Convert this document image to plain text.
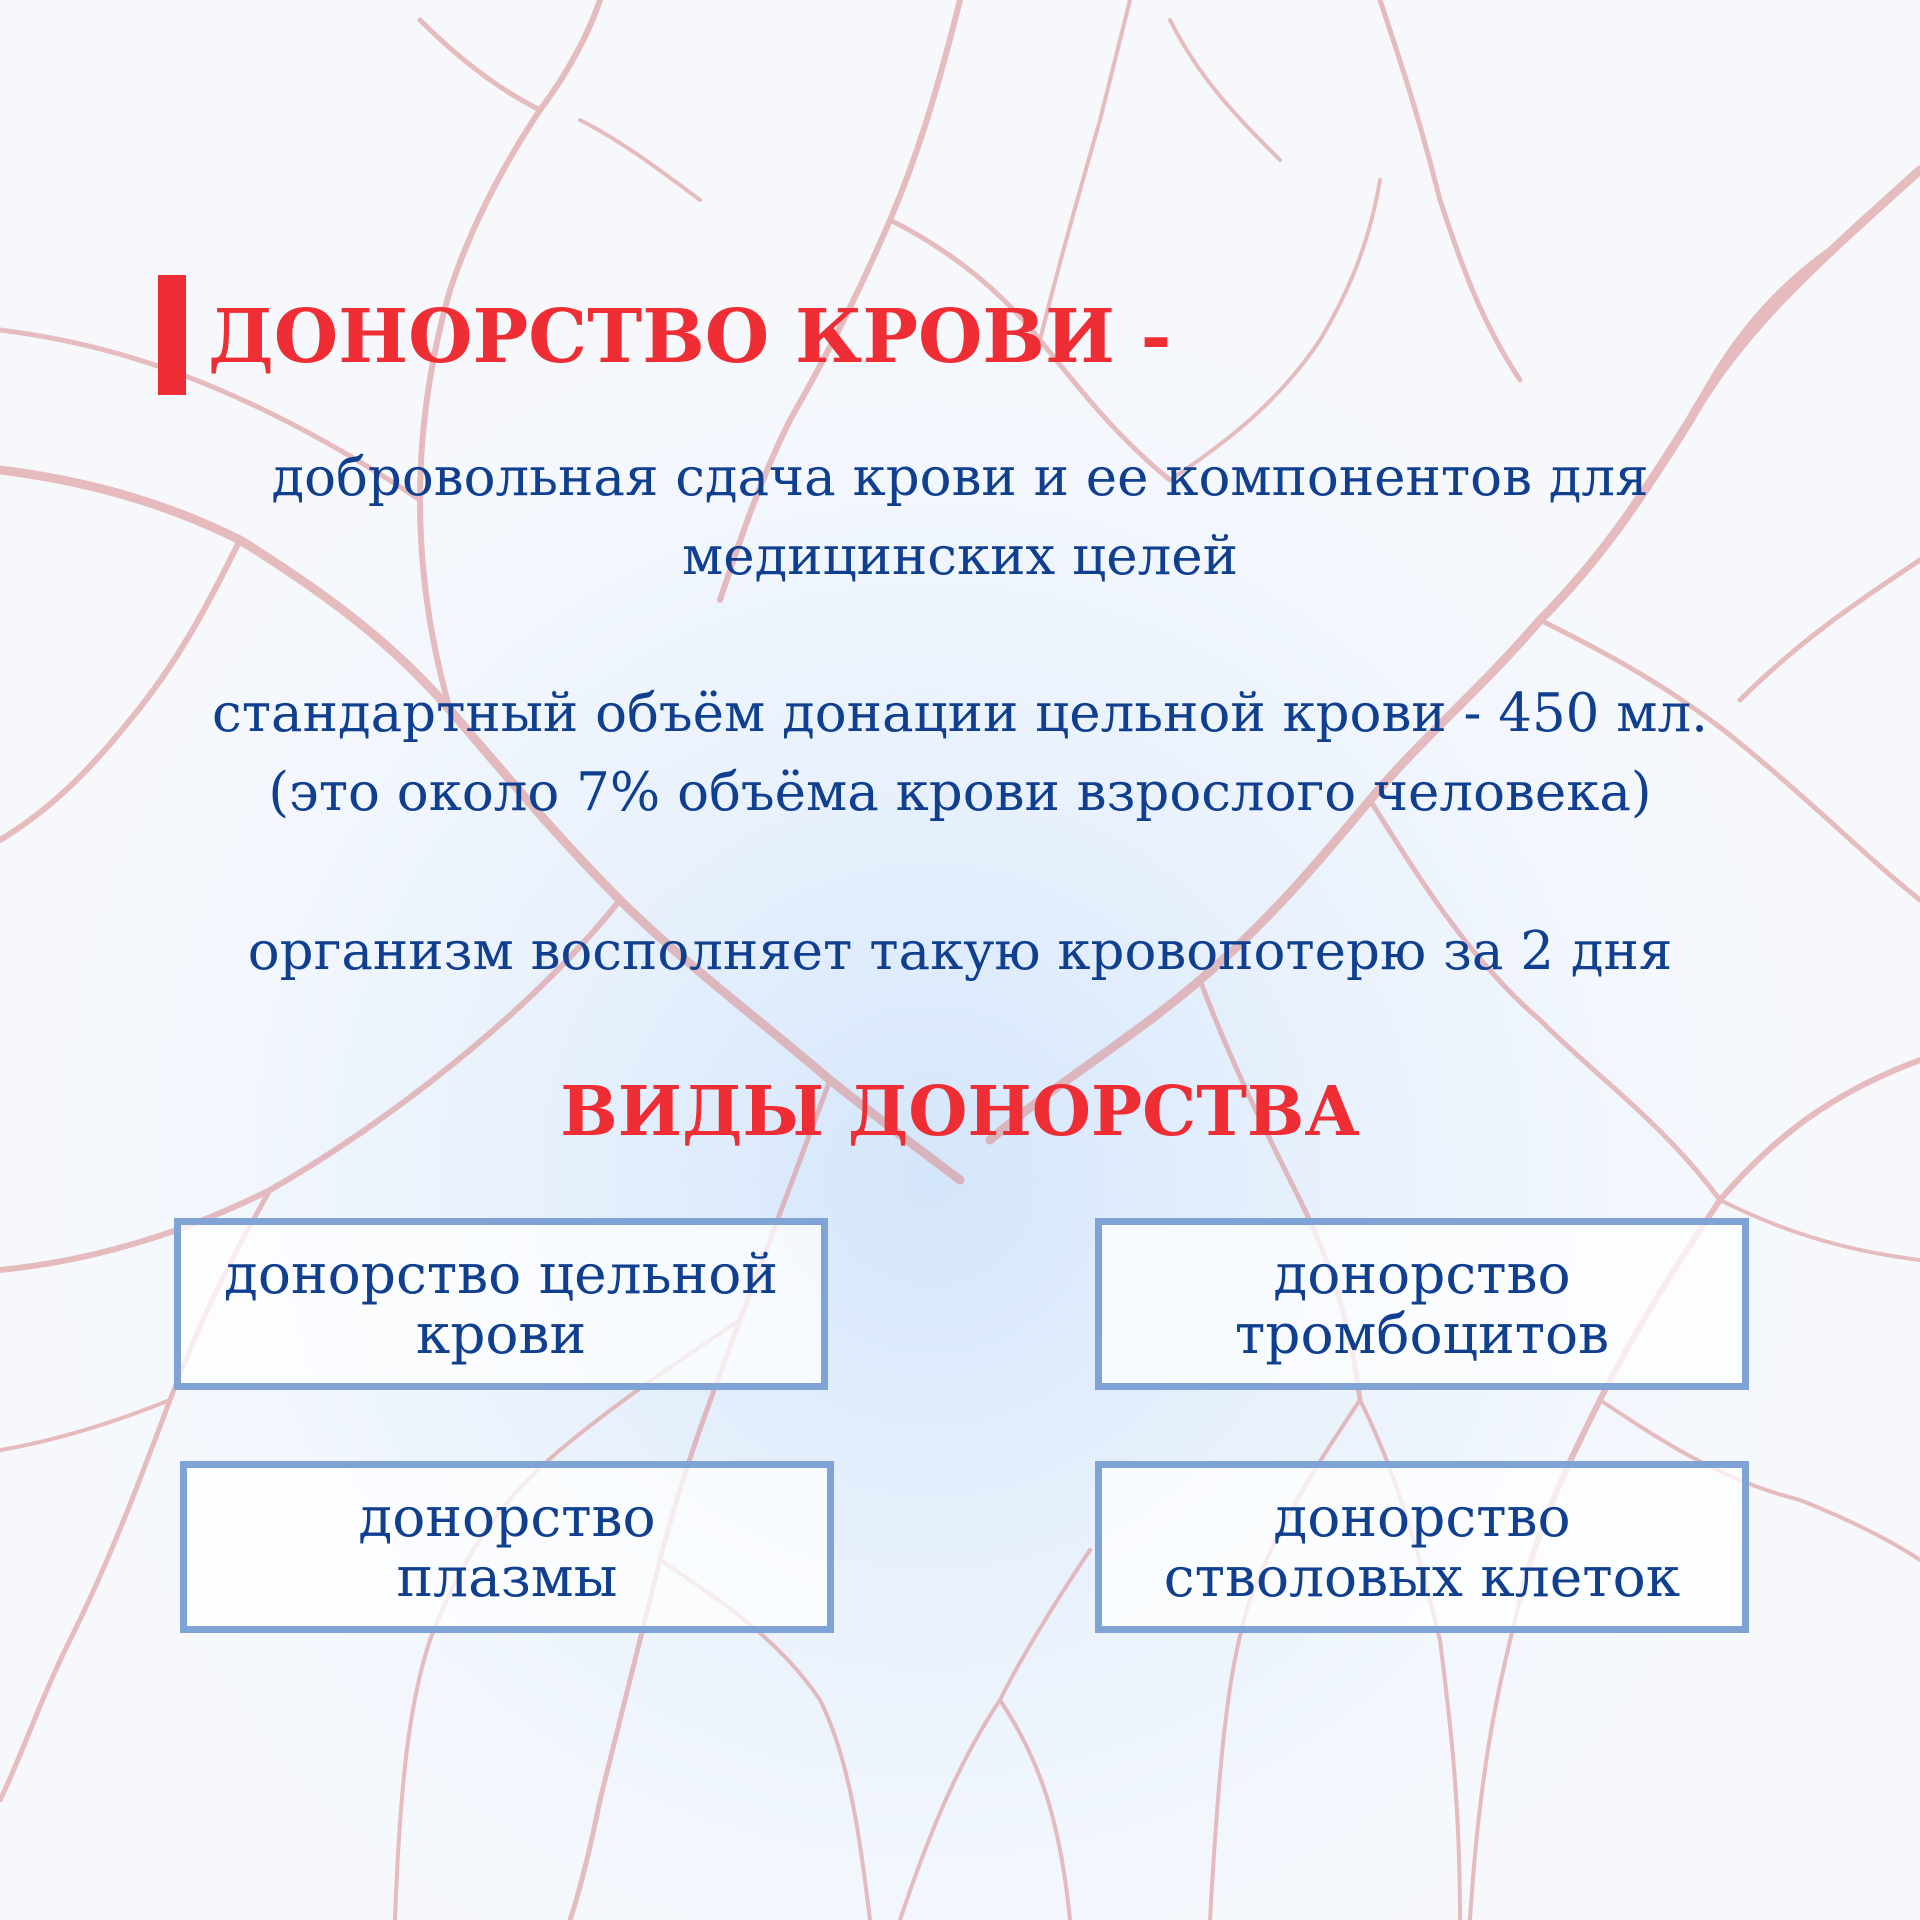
ДОНОРСТВО КРОВИ -
добровольная сдача крови и ее компонентов для
медицинских целей
стандартный объём донации цельной крови - 450 мл.
(это около 7% объёма крови взрослого человека)
организм восполняет такую кровопотерю за 2 дня
ВИДЫ ДОНОРСТВА
донорство цельной
крови
донорство
тромбоцитов
донорство
плазмы
донорство
стволовых клеток
